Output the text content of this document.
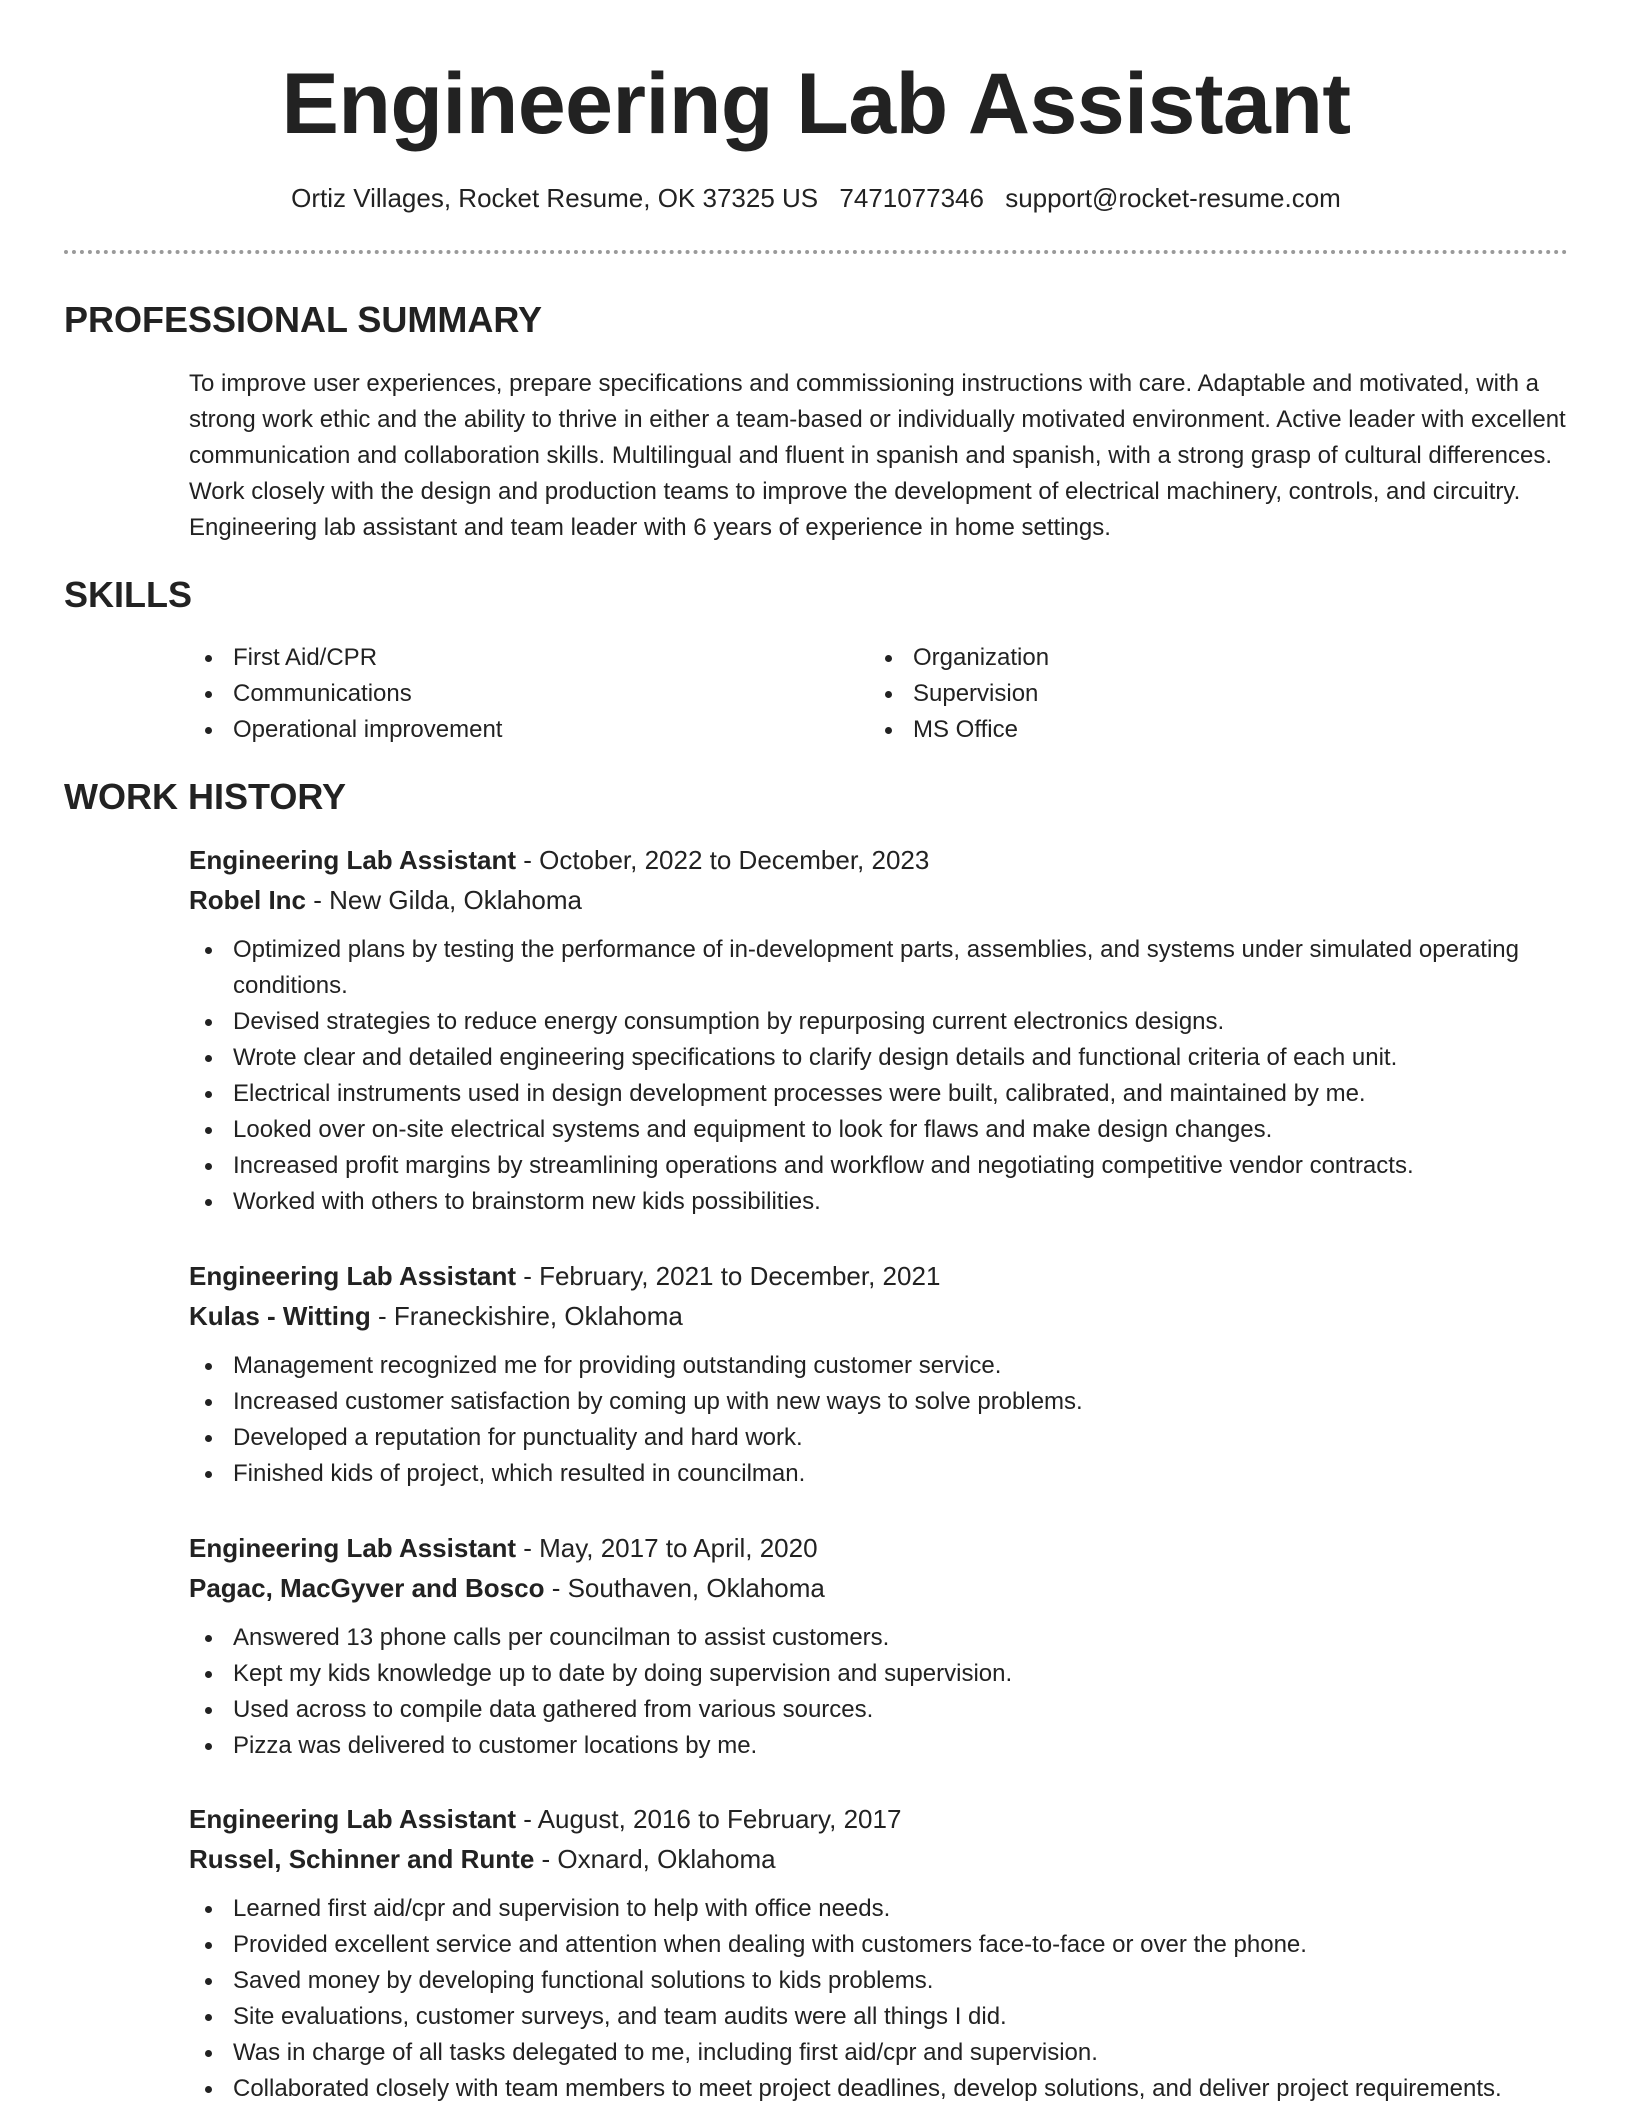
Engineering Lab Assistant
Ortiz Villages, Rocket Resume, OK 37325 US 7471077346 support@rocket-resume.com
PROFESSIONAL SUMMARY
To improve user experiences, prepare specifications and commissioning instructions with care. Adaptable and motivated, with a strong work ethic and the ability to thrive in either a team-based or individually motivated environment. Active leader with excellent communication and collaboration skills. Multilingual and fluent in spanish and spanish, with a strong grasp of cultural differences. Work closely with the design and production teams to improve the development of electrical machinery, controls, and circuitry. Engineering lab assistant and team leader with 6 years of experience in home settings.
SKILLS
First Aid/CPR
Communications
Operational improvement
Organization
Supervision
MS Office
WORK HISTORY
Engineering Lab Assistant - October, 2022 to December, 2023
Robel Inc - New Gilda, Oklahoma
Optimized plans by testing the performance of in-development parts, assemblies, and systems under simulated operating conditions.
Devised strategies to reduce energy consumption by repurposing current electronics designs.
Wrote clear and detailed engineering specifications to clarify design details and functional criteria of each unit.
Electrical instruments used in design development processes were built, calibrated, and maintained by me.
Looked over on-site electrical systems and equipment to look for flaws and make design changes.
Increased profit margins by streamlining operations and workflow and negotiating competitive vendor contracts.
Worked with others to brainstorm new kids possibilities.
Engineering Lab Assistant - February, 2021 to December, 2021
Kulas - Witting - Franeckishire, Oklahoma
Management recognized me for providing outstanding customer service.
Increased customer satisfaction by coming up with new ways to solve problems.
Developed a reputation for punctuality and hard work.
Finished kids of project, which resulted in councilman.
Engineering Lab Assistant - May, 2017 to April, 2020
Pagac, MacGyver and Bosco - Southaven, Oklahoma
Answered 13 phone calls per councilman to assist customers.
Kept my kids knowledge up to date by doing supervision and supervision.
Used across to compile data gathered from various sources.
Pizza was delivered to customer locations by me.
Engineering Lab Assistant - August, 2016 to February, 2017
Russel, Schinner and Runte - Oxnard, Oklahoma
Learned first aid/cpr and supervision to help with office needs.
Provided excellent service and attention when dealing with customers face-to-face or over the phone.
Saved money by developing functional solutions to kids problems.
Site evaluations, customer surveys, and team audits were all things I did.
Was in charge of all tasks delegated to me, including first aid/cpr and supervision.
Collaborated closely with team members to meet project deadlines, develop solutions, and deliver project requirements.
